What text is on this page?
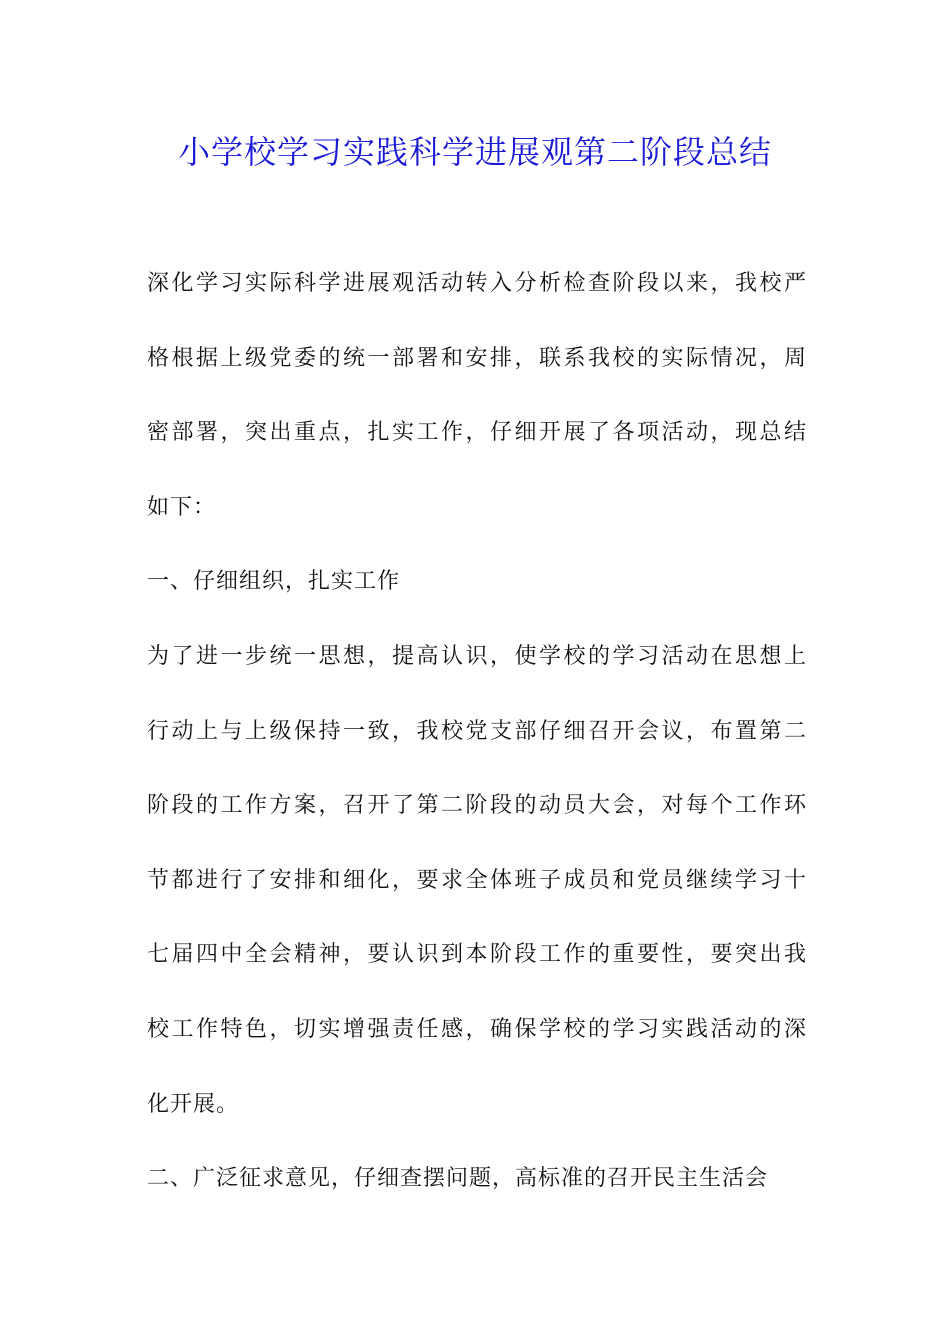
小学校学习实践科学进展观第二阶段总结
深化学习实际科学进展观活动转入分析检查阶段以来，我校严
格根据上级党委的统一部署和安排，联系我校的实际情况，周
密部署，突出重点，扎实工作，仔细开展了各项活动，现总结
如下：
一、仔细组织，扎实工作
为了进一步统一思想，提高认识，使学校的学习活动在思想上
行动上与上级保持一致，我校党支部仔细召开会议，布置第二
阶段的工作方案，召开了第二阶段的动员大会，对每个工作环
节都进行了安排和细化，要求全体班子成员和党员继续学习十
七届四中全会精神，要认识到本阶段工作的重要性，要突出我
校工作特色，切实增强责任感，确保学校的学习实践活动的深
化开展。
二、广泛征求意见，仔细查摆问题，高标准的召开民主生活会
